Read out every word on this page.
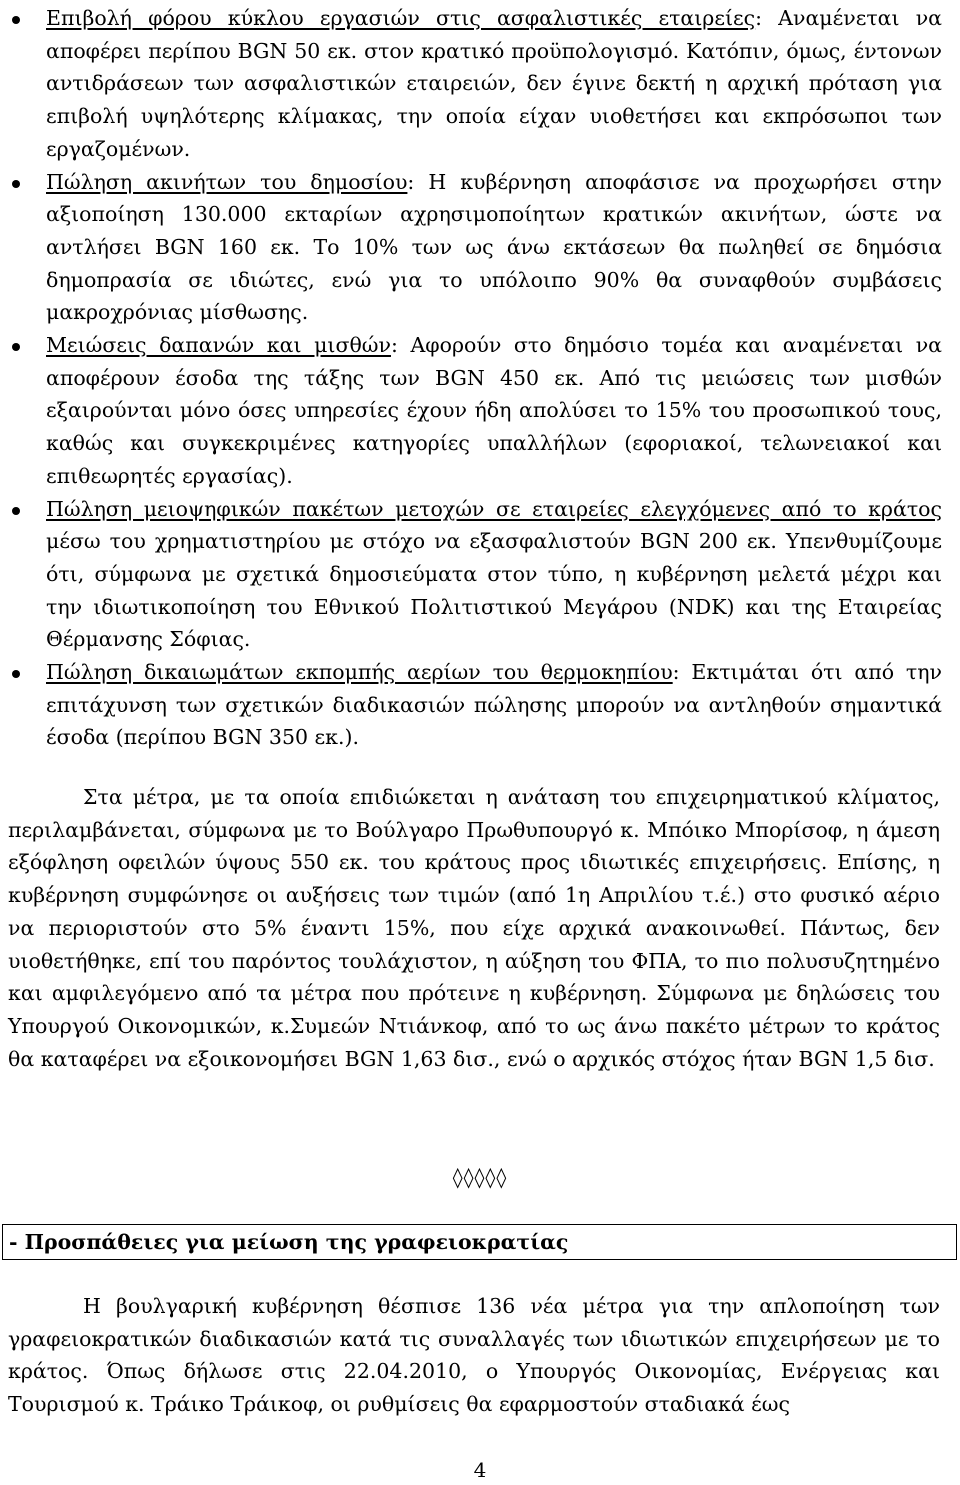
Επιβολή φόρου κύκλου εργασιών στις ασφαλιστικές εταιρείες: Αναμένεται να αποφέρει περίπου BGN 50 εκ. στον κρατικό προϋπολογισμό. Κατόπιν, όμως, έντονων αντιδράσεων των ασφαλιστικών εταιρειών, δεν έγινε δεκτή η αρχική πρόταση για επιβολή υψηλότερης κλίμακας, την οποία είχαν υιοθετήσει και εκπρόσωποι των εργαζομένων.
Πώληση ακινήτων του δημοσίου: Η κυβέρνηση αποφάσισε να προχωρήσει στην αξιοποίηση 130.000 εκταρίων αχρησιμοποίητων κρατικών ακινήτων, ώστε να αντλήσει BGN 160 εκ. Το 10% των ως άνω εκτάσεων θα πωληθεί σε δημόσια δημοπρασία σε ιδιώτες, ενώ για το υπόλοιπο 90% θα συναφθούν συμβάσεις μακροχρόνιας μίσθωσης.
Μειώσεις δαπανών και μισθών: Αφορούν στο δημόσιο τομέα και αναμένεται να αποφέρουν έσοδα της τάξης των BGN 450 εκ. Από τις μειώσεις των μισθών εξαιρούνται μόνο όσες υπηρεσίες έχουν ήδη απολύσει το 15% του προσωπικού τους, καθώς και συγκεκριμένες κατηγορίες υπαλλήλων (εφοριακοί, τελωνειακοί και επιθεωρητές εργασίας).
Πώληση μειοψηφικών πακέτων μετοχών σε εταιρείες ελεγχόμενες από το κράτος μέσω του χρηματιστηρίου με στόχο να εξασφαλιστούν BGN 200 εκ. Υπενθυμίζουμε ότι, σύμφωνα με σχετικά δημοσιεύματα στον τύπο, η κυβέρνηση μελετά μέχρι και την ιδιωτικοποίηση του Εθνικού Πολιτιστικού Μεγάρου (NDK) και της Εταιρείας Θέρμανσης Σόφιας.
Πώληση δικαιωμάτων εκπομπής αερίων του θερμοκηπίου: Εκτιμάται ότι από την επιτάχυνση των σχετικών διαδικασιών πώλησης μπορούν να αντληθούν σημαντικά έσοδα (περίπου BGN 350 εκ.).

Στα μέτρα, με τα οποία επιδιώκεται η ανάταση του επιχειρηματικού κλίματος, περιλαμβάνεται, σύμφωνα με το Βούλγαρο Πρωθυπουργό κ. Μπόικο Μπορίσοφ, η άμεση εξόφληση οφειλών ύψους 550 εκ. του κράτους προς ιδιωτικές επιχειρήσεις. Επίσης, η κυβέρνηση συμφώνησε οι αυξήσεις των τιμών (από 1η Απριλίου τ.έ.) στο φυσικό αέριο να περιοριστούν στο 5% έναντι 15%, που είχε αρχικά ανακοινωθεί. Πάντως, δεν υιοθετήθηκε, επί του παρόντος τουλάχιστον, η αύξηση του ΦΠΑ, το πιο πολυσυζητημένο και αμφιλεγόμενο από τα μέτρα που πρότεινε η κυβέρνηση. Σύμφωνα με δηλώσεις του Υπουργού Οικονομικών, κ.Συμεών Ντιάνκοφ, από το ως άνω πακέτο μέτρων το κράτος θα καταφέρει να εξοικονομήσει BGN 1,63 δισ., ενώ ο αρχικός στόχος ήταν BGN 1,5 δισ.

◊◊◊◊◊
- Προσπάθειες για μείωση της γραφειοκρατίας

Η βουλγαρική κυβέρνηση θέσπισε 136 νέα μέτρα για την απλοποίηση των γραφειοκρατικών διαδικασιών κατά τις συναλλαγές των ιδιωτικών επιχειρήσεων με το κράτος. Όπως δήλωσε στις 22.04.2010, ο Υπουργός Οικονομίας, Ενέργειας και Τουρισμού κ. Τράικο Τράικοφ, οι ρυθμίσεις θα εφαρμοστούν σταδιακά έως

4
